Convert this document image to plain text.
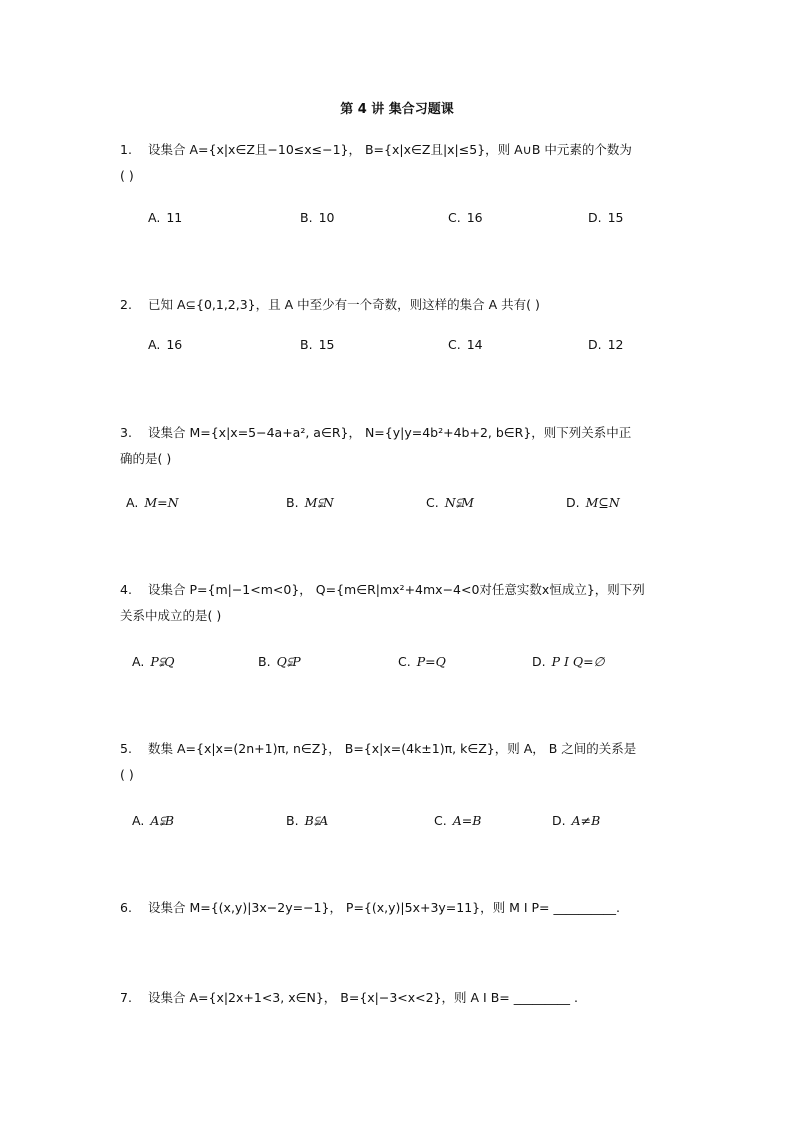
第 4 讲 集合习题课
1. 设集合 A={x|x∈Z且−10≤x≤−1}， B={x|x∈Z且|x|≤5}，则 A∪B 中元素的个数为
( )
A. 11	B. 10	C. 16	D. 15
2. 已知 A⊆{0,1,2,3}，且 A 中至少有一个奇数，则这样的集合 A 共有( )
A. 16	B. 15	C. 14	D. 12
3. 设集合 M={x|x=5−4a+a², a∈R}， N={y|y=4b²+4b+2, b∈R}，则下列关系中正
确的是( )
A. M=N	B. M⫋N	C. N⫋M	D. M⊆N
4. 设集合 P={m|−1<m<0}， Q={m∈R|mx²+4mx−4<0对任意实数x恒成立}，则下列
关系中成立的是( )
A. P⫋Q	B. Q⫋P	C. P=Q	D. P I Q=∅
5. 数集 A={x|x=(2n+1)π, n∈Z}， B={x|x=(4k±1)π, k∈Z}，则 A， B 之间的关系是
( )
A. A⫋B	B. B⫋A	C. A=B	D. A≠B
6. 设集合 M={(x,y)|3x−2y=−1}， P={(x,y)|5x+3y=11}，则 M I P= __________.
7. 设集合 A={x|2x+1<3, x∈N}， B={x|−3<x<2}，则 A I B= _________ .
